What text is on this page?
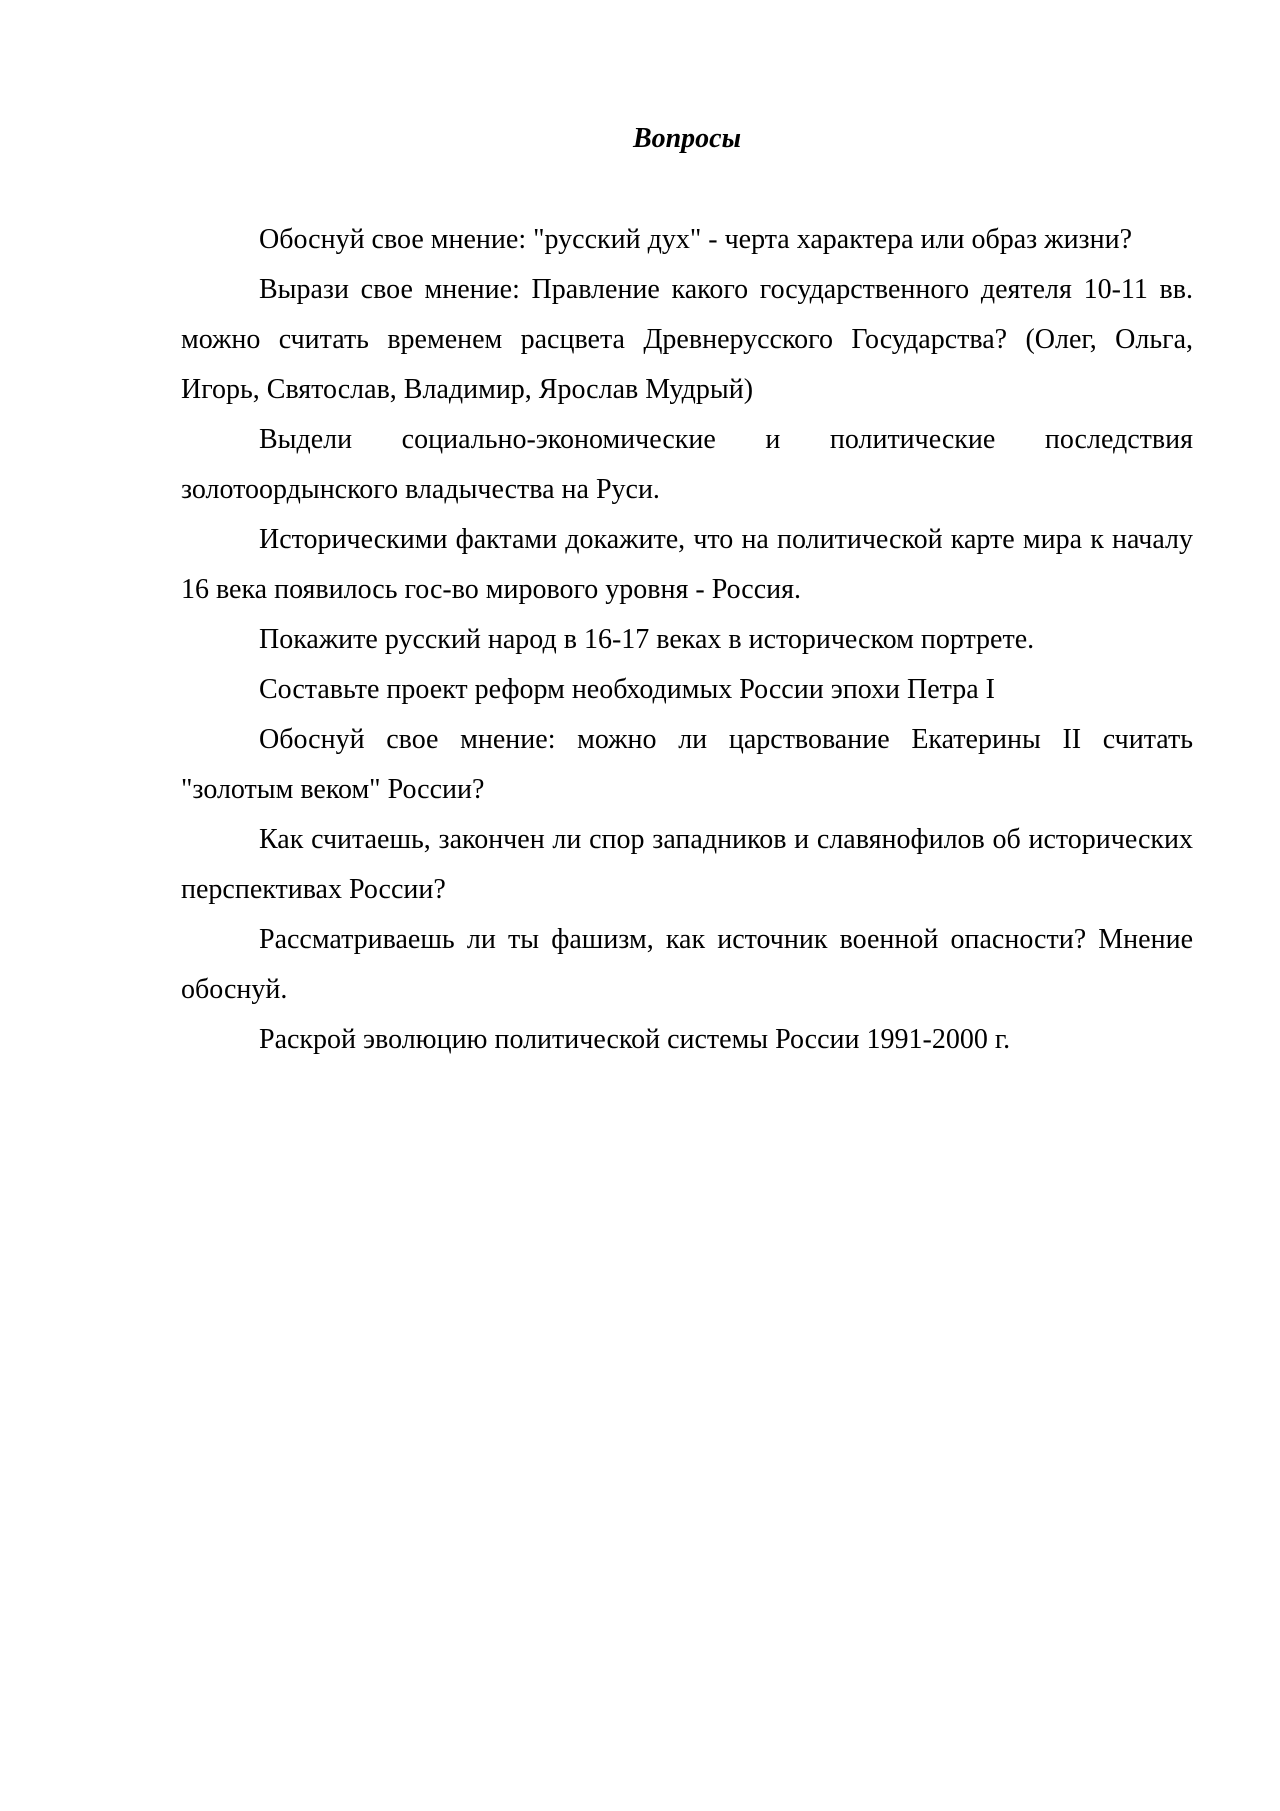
Вопросы

Обоснуй свое мнение: "русский дух" - черта характера или образ жизни?

Вырази свое мнение: Правление какого государственного деятеля 10-11 вв. можно считать временем расцвета Древнерусского Государства? (Олег, Ольга, Игорь, Святослав, Владимир, Ярослав Мудрый)

Выдели социально-экономические и политические последствия золотоордынского владычества на Руси.

Историческими фактами докажите, что на политической карте мира к началу 16 века появилось гос-во мирового уровня - Россия.

Покажите русский народ в 16-17 веках в историческом портрете.

Составьте проект реформ необходимых России эпохи Петра I

Обоснуй свое мнение: можно ли царствование Екатерины II считать "золотым веком" России?

Как считаешь, закончен ли спор западников и славянофилов об исторических перспективах России?

Рассматриваешь ли ты фашизм, как источник военной опасности? Мнение обоснуй.

Раскрой эволюцию политической системы России 1991-2000 г.
